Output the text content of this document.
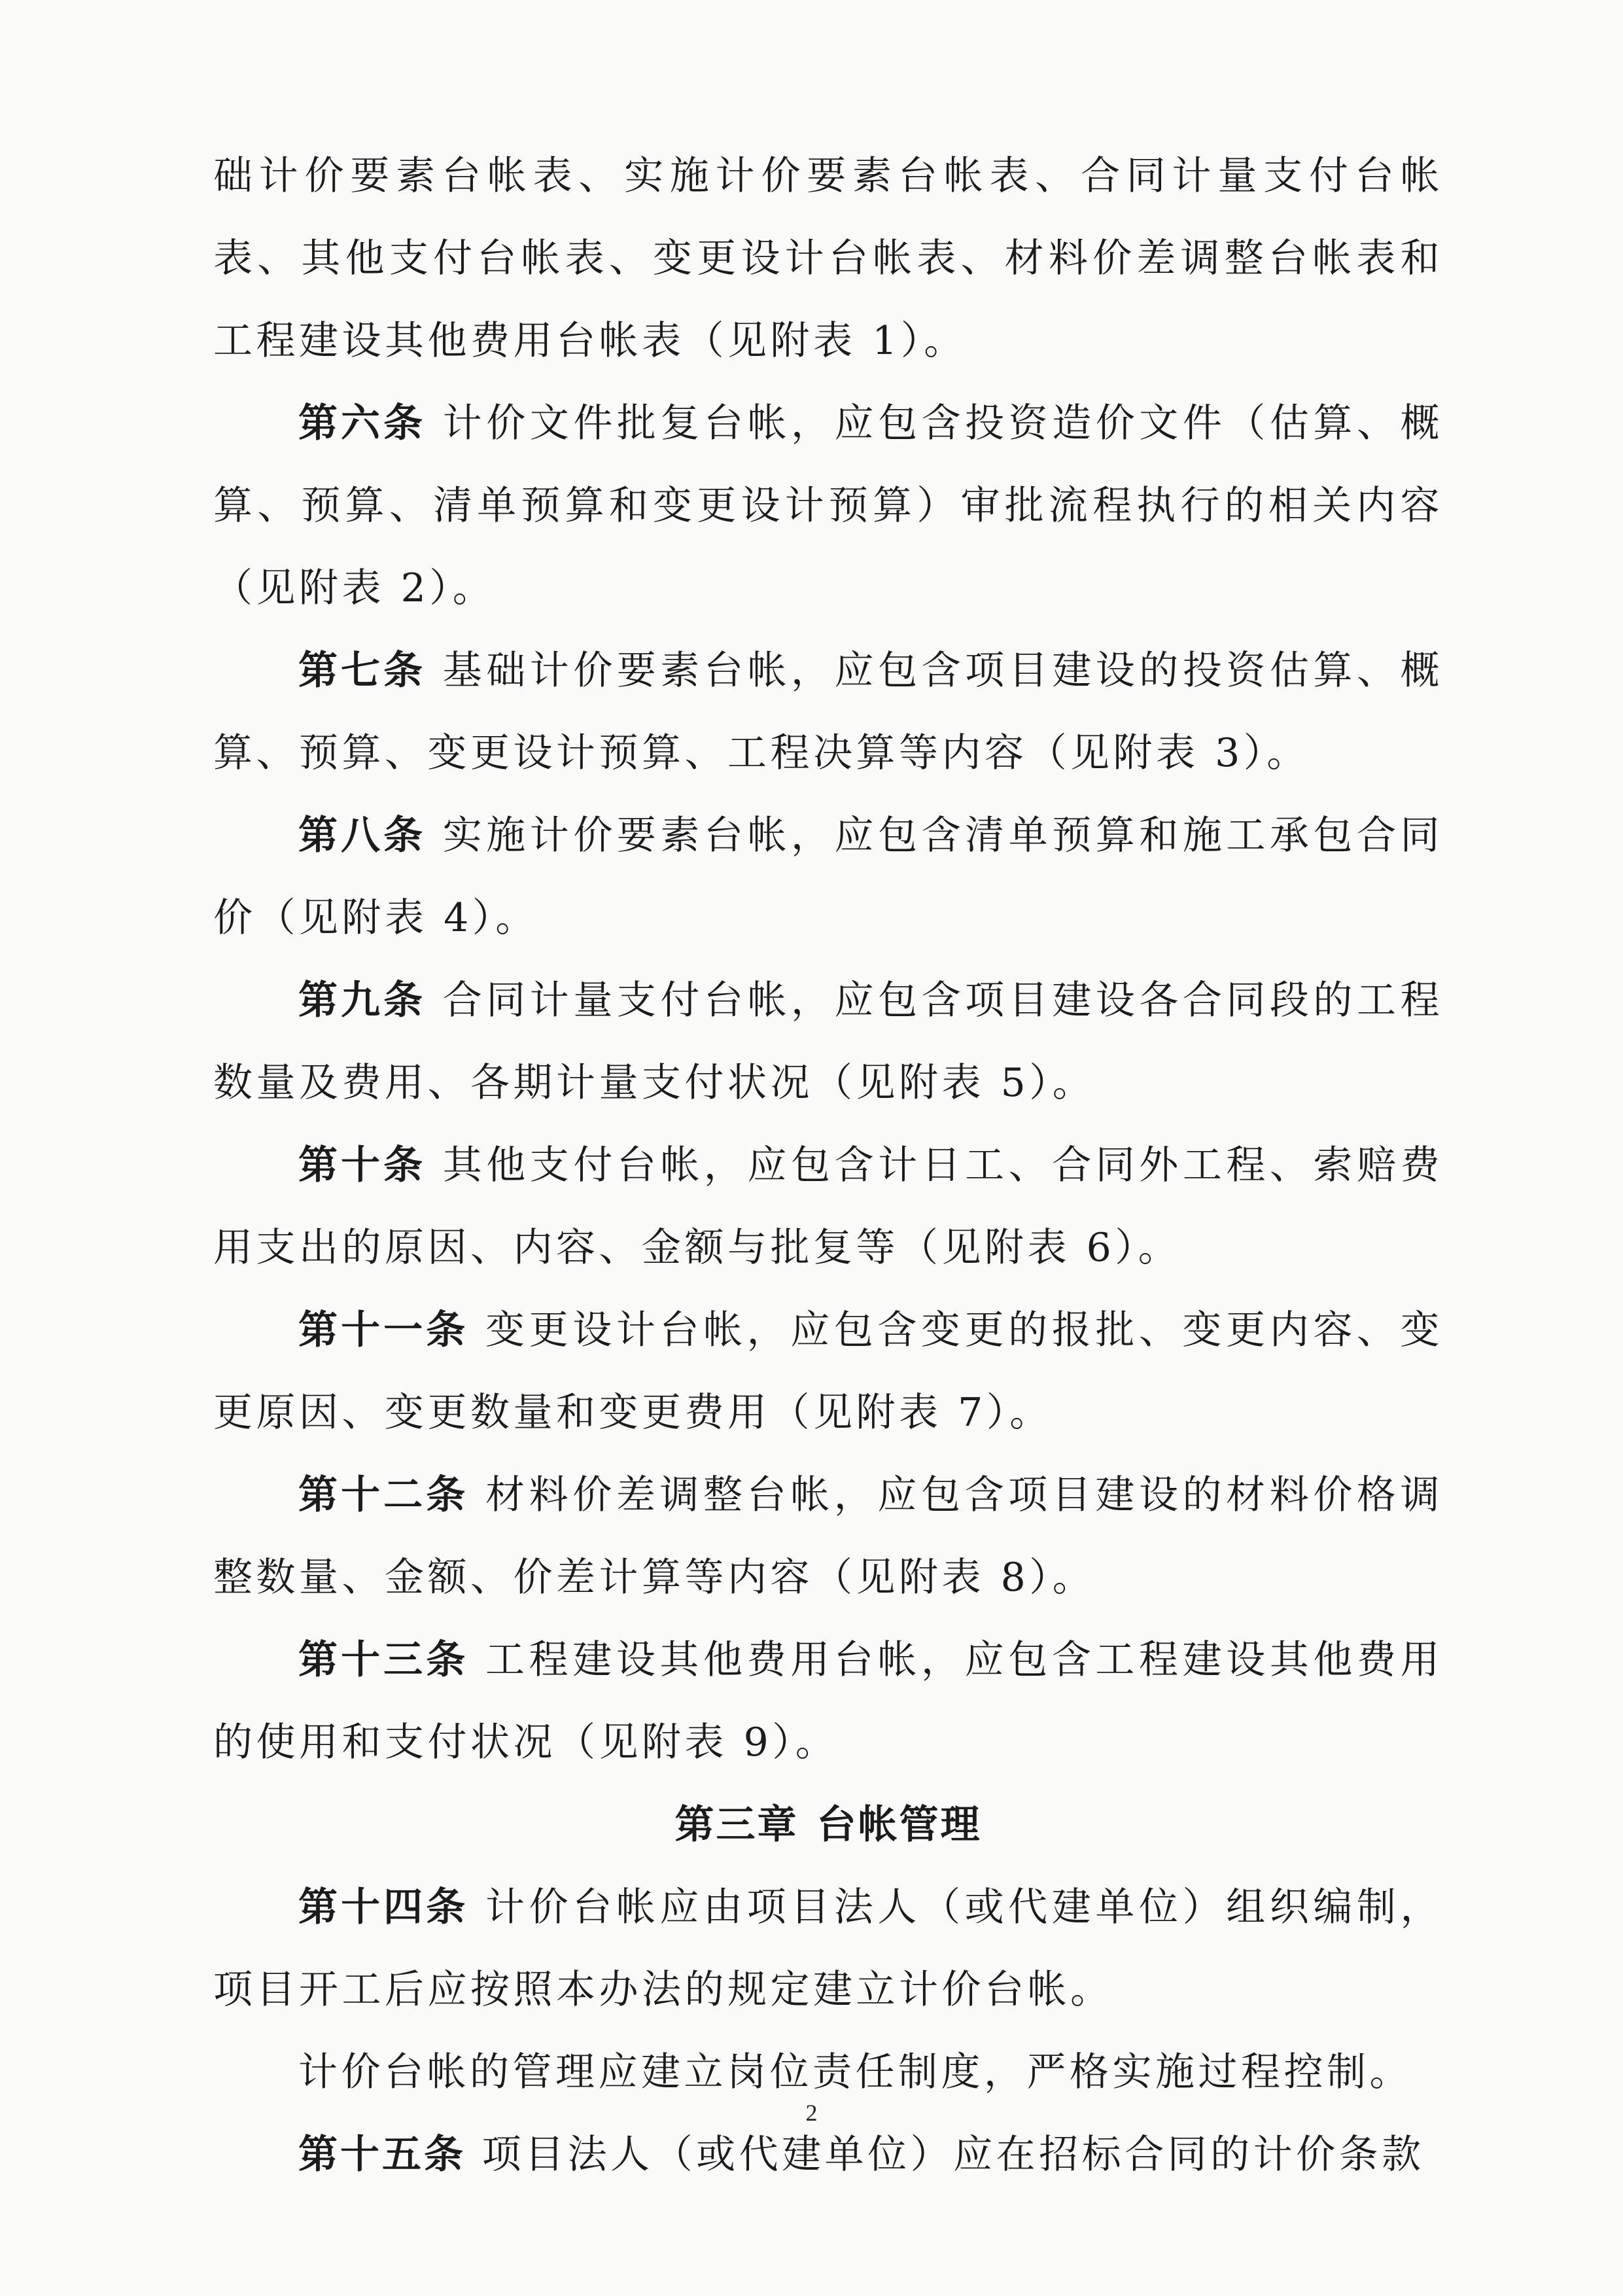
础计价要素台帐表、实施计价要素台帐表、合同计量支付台帐表、其他支付台帐表、变更设计台帐表、材料价差调整台帐表和工程建设其他费用台帐表（见附表 1）。

第六条 计价文件批复台帐，应包含投资造价文件（估算、概算、预算、清单预算和变更设计预算）审批流程执行的相关内容（见附表 2）。

第七条 基础计价要素台帐，应包含项目建设的投资估算、概算、预算、变更设计预算、工程决算等内容（见附表 3）。

第八条 实施计价要素台帐，应包含清单预算和施工承包合同价（见附表 4）。

第九条 合同计量支付台帐，应包含项目建设各合同段的工程数量及费用、各期计量支付状况（见附表 5）。

第十条 其他支付台帐，应包含计日工、合同外工程、索赔费用支出的原因、内容、金额与批复等（见附表 6）。

第十一条 变更设计台帐，应包含变更的报批、变更内容、变更原因、变更数量和变更费用（见附表 7）。

第十二条 材料价差调整台帐，应包含项目建设的材料价格调整数量、金额、价差计算等内容（见附表 8）。

第十三条 工程建设其他费用台帐，应包含工程建设其他费用的使用和支付状况（见附表 9）。

第三章 台帐管理

第十四条 计价台帐应由项目法人（或代建单位）组织编制，项目开工后应按照本办法的规定建立计价台帐。

计价台帐的管理应建立岗位责任制度，严格实施过程控制。

第十五条 项目法人（或代建单位）应在招标合同的计价条款

2
